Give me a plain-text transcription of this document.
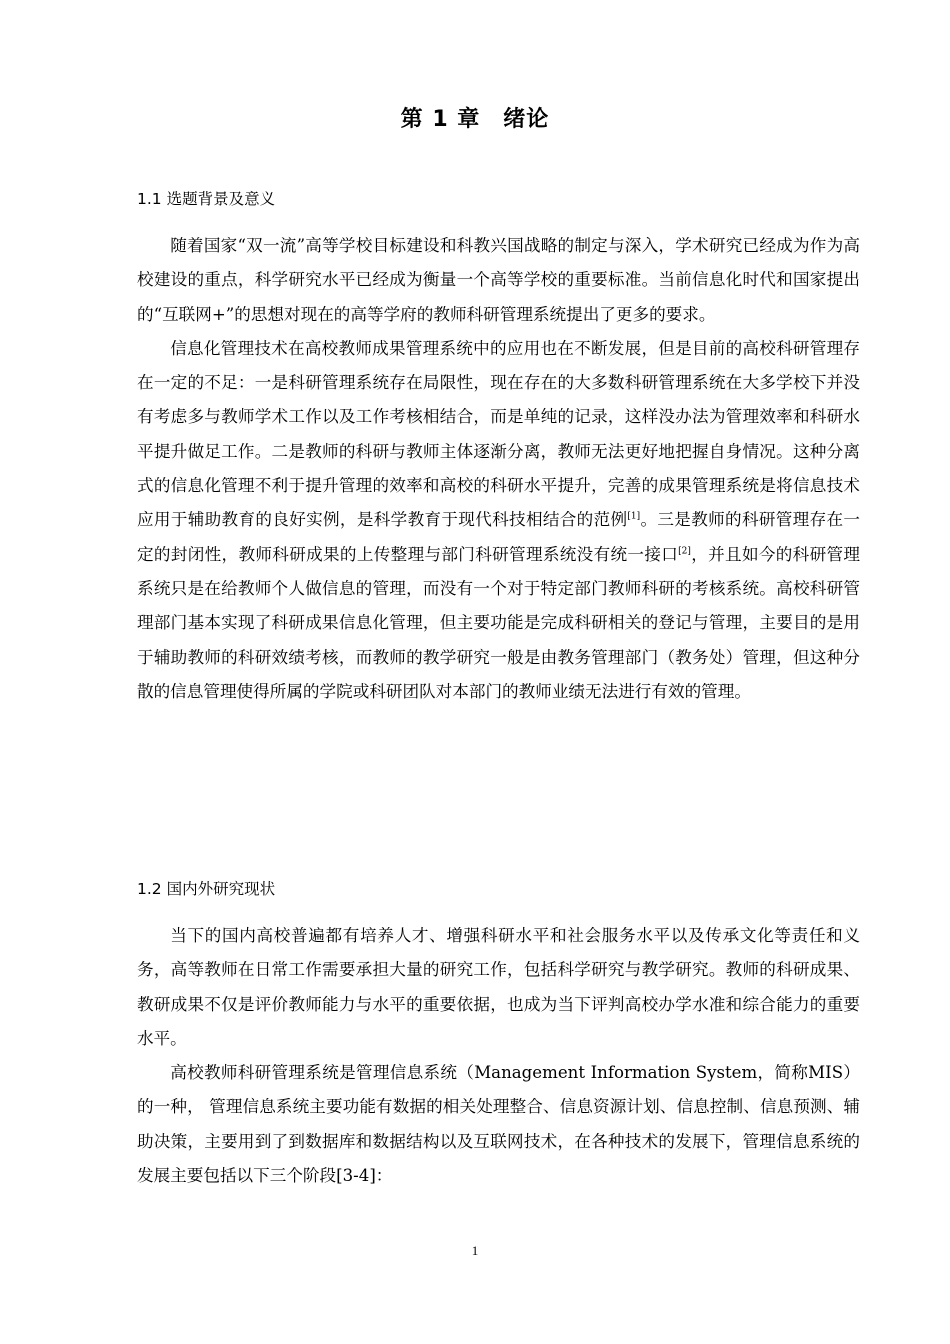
第 1 章　绪论
1.1 选题背景及意义

随着国家“双一流”高等学校目标建设和科教兴国战略的制定与深入，学术研究已经成为作为高校建设的重点，科学研究水平已经成为衡量一个高等学校的重要标准。当前信息化时代和国家提出的“互联网+”的思想对现在的高等学府的教师科研管理系统提出了更多的要求。

信息化管理技术在高校教师成果管理系统中的应用也在不断发展，但是目前的高校科研管理存在一定的不足：一是科研管理系统存在局限性，现在存在的大多数科研管理系统在大多学校下并没有考虑多与教师学术工作以及工作考核相结合，而是单纯的记录，这样没办法为管理效率和科研水平提升做足工作。二是教师的科研与教师主体逐渐分离，教师无法更好地把握自身情况。这种分离式的信息化管理不利于提升管理的效率和高校的科研水平提升，完善的成果管理系统是将信息技术应用于辅助教育的良好实例，是科学教育于现代科技相结合的范例[1]。三是教师的科研管理存在一定的封闭性，教师科研成果的上传整理与部门科研管理系统没有统一接口[2]，并且如今的科研管理系统只是在给教师个人做信息的管理，而没有一个对于特定部门教师科研的考核系统。高校科研管理部门基本实现了科研成果信息化管理，但主要功能是完成科研相关的登记与管理，主要目的是用于辅助教师的科研效绩考核，而教师的教学研究一般是由教务管理部门（教务处）管理，但这种分散的信息管理使得所属的学院或科研团队对本部门的教师业绩无法进行有效的管理。

1.2 国内外研究现状

当下的国内高校普遍都有培养人才、增强科研水平和社会服务水平以及传承文化等责任和义务，高等教师在日常工作需要承担大量的研究工作，包括科学研究与教学研究。教师的科研成果、教研成果不仅是评价教师能力与水平的重要依据，也成为当下评判高校办学水准和综合能力的重要水平。

高校教师科研管理系统是管理信息系统（Management Information System，简称MIS）的一种， 管理信息系统主要功能有数据的相关处理整合、信息资源计划、信息控制、信息预测、辅助决策，主要用到了到数据库和数据结构以及互联网技术，在各种技术的发展下，管理信息系统的发展主要包括以下三个阶段[3-4]：

1
